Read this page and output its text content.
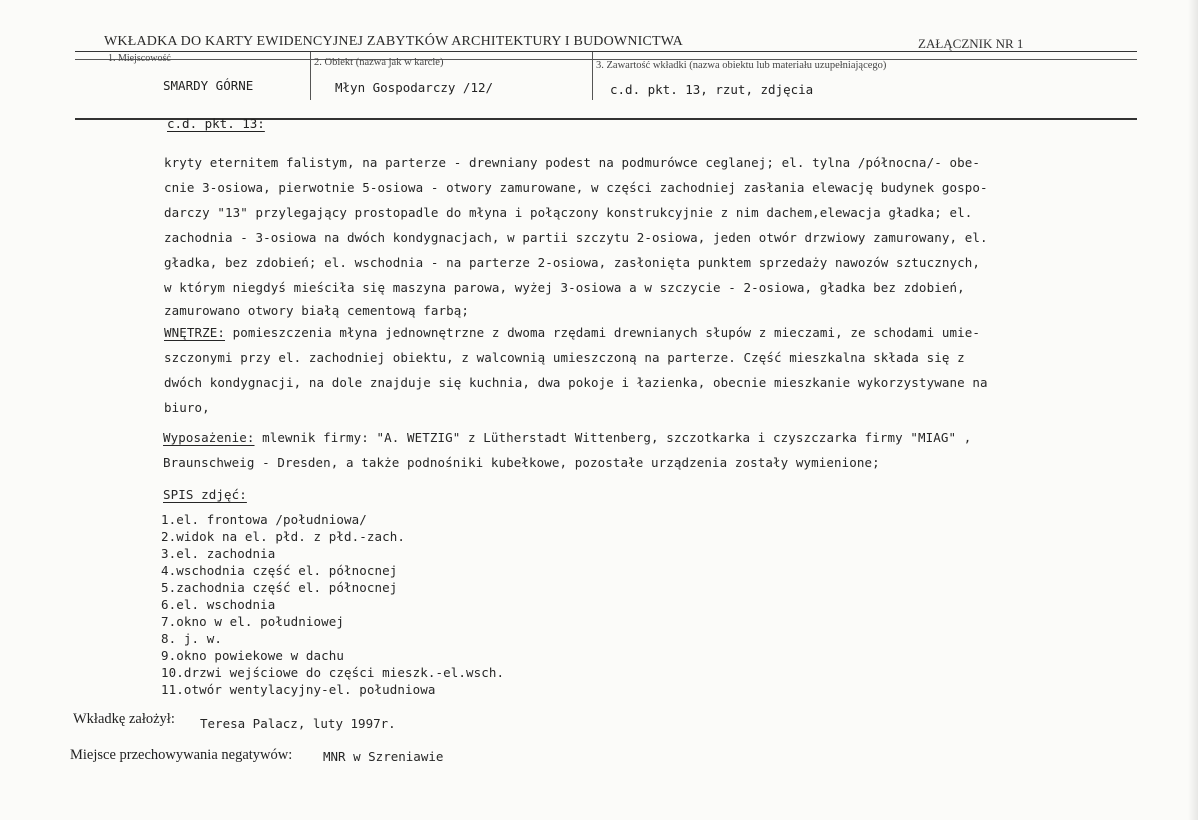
WKŁADKA DO KARTY EWIDENCYJNEJ ZABYTKÓW ARCHITEKTURY I BUDOWNICTWA	ZAŁĄCZNIK NR 1
1. Miejscowość	2. Obiekt (nazwa jak w karcie)	3. Zawartość wkładki (nazwa obiektu lub materiału uzupełniającego)
SMARDY GÓRNE	Młyn Gospodarczy /12/	c.d. pkt. 13, rzut, zdjęcia
c.d. pkt. 13:
kryty eternitem falistym, na parterze - drewniany podest na podmurówce ceglanej; el. tylna /północna/- obe-
cnie 3-osiowa, pierwotnie 5-osiowa - otwory zamurowane, w części zachodniej zasłania elewację budynek gospo-
darczy "13" przylegający prostopadle do młyna i połączony konstrukcyjnie z nim dachem,elewacja gładka; el.
zachodnia - 3-osiowa na dwóch kondygnacjach, w partii szczytu 2-osiowa, jeden otwór drzwiowy zamurowany, el.
gładka, bez zdobień; el. wschodnia - na parterze 2-osiowa, zasłonięta punktem sprzedaży nawozów sztucznych,
w którym niegdyś mieściła się maszyna parowa, wyżej 3-osiowa a w szczycie - 2-osiowa, gładka bez zdobień,
zamurowano otwory białą cementową farbą;
WNĘTRZE: pomieszczenia młyna jednownętrzne z dwoma rzędami drewnianych słupów z mieczami, ze schodami umie-
szczonymi przy el. zachodniej obiektu, z walcownią umieszczoną na parterze. Część mieszkalna składa się z
dwóch kondygnacji, na dole znajduje się kuchnia, dwa pokoje i łazienka, obecnie mieszkanie wykorzystywane na
biuro,
Wyposażenie: mlewnik firmy: "A. WETZIG" z Lütherstadt Wittenberg, szczotkarka i czyszczarka firmy "MIAG" ,
Braunschweig - Dresden, a także podnośniki kubełkowe, pozostałe urządzenia zostały wymienione;
SPIS zdjęć:
1.el. frontowa /południowa/
2.widok na el. płd. z płd.-zach.
3.el. zachodnia
4.wschodnia część el. północnej
5.zachodnia część el. północnej
6.el. wschodnia
7.okno w el. południowej
8. j. w.
9.okno powiekowe w dachu
10.drzwi wejściowe do części mieszk.-el.wsch.
11.otwór wentylacyjny-el. południowa
Wkładkę założył: Teresa Palacz, luty 1997r.
Miejsce przechowywania negatywów: MNR w Szreniawie
